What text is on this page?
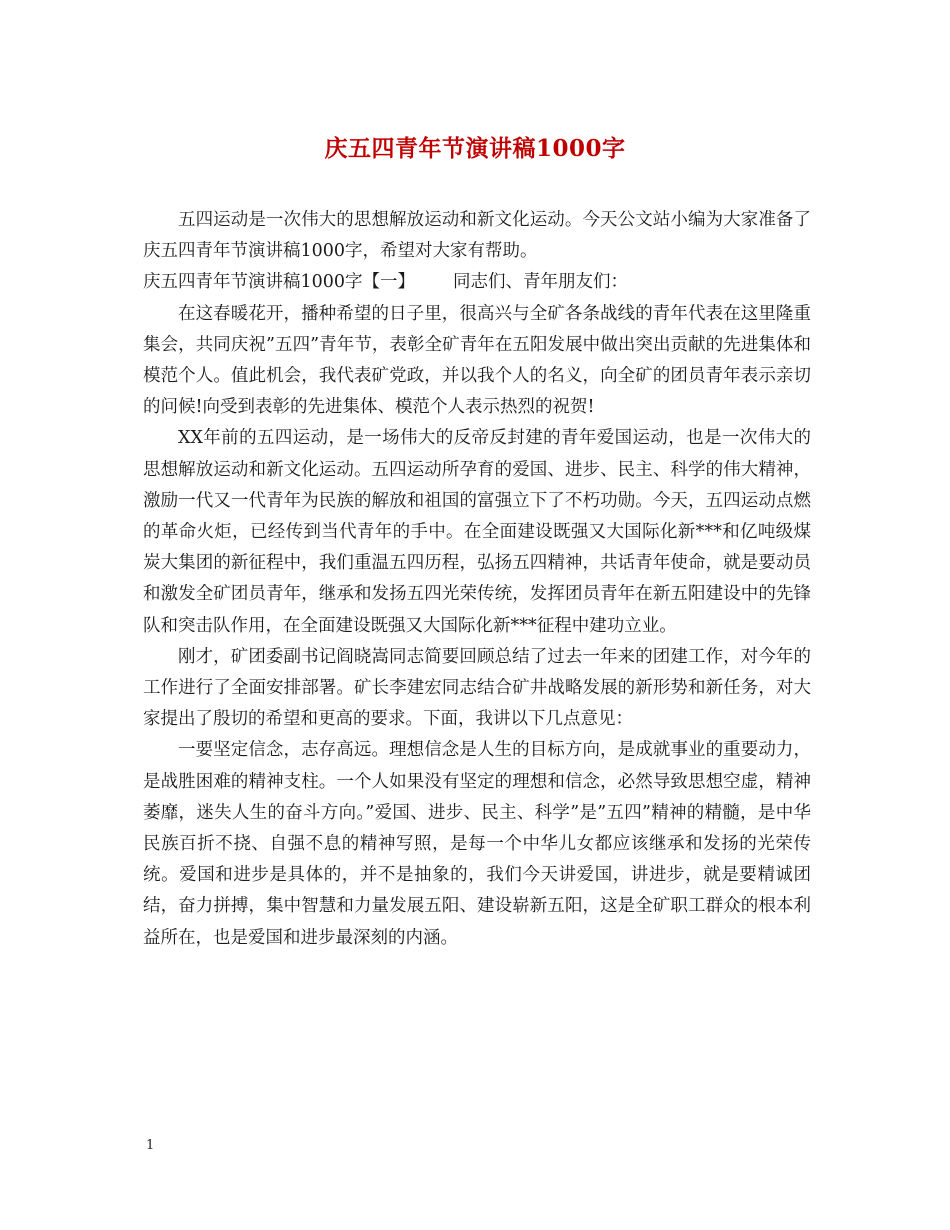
庆五四青年节演讲稿1000字

五四运动是一次伟大的思想解放运动和新文化运动。今天公文站小编为大家准备了庆五四青年节演讲稿1000字，希望对大家有帮助。

庆五四青年节演讲稿1000字【一】 同志们、青年朋友们：

在这春暖花开，播种希望的日子里，很高兴与全矿各条战线的青年代表在这里隆重集会，共同庆祝”五四”青年节，表彰全矿青年在五阳发展中做出突出贡献的先进集体和模范个人。值此机会，我代表矿党政，并以我个人的名义，向全矿的团员青年表示亲切的问候!向受到表彰的先进集体、模范个人表示热烈的祝贺!

XX年前的五四运动，是一场伟大的反帝反封建的青年爱国运动，也是一次伟大的思想解放运动和新文化运动。五四运动所孕育的爱国、进步、民主、科学的伟大精神，激励一代又一代青年为民族的解放和祖国的富强立下了不朽功勋。今天，五四运动点燃的革命火炬，已经传到当代青年的手中。在全面建设既强又大国际化新***和亿吨级煤炭大集团的新征程中，我们重温五四历程，弘扬五四精神，共话青年使命，就是要动员和激发全矿团员青年，继承和发扬五四光荣传统，发挥团员青年在新五阳建设中的先锋队和突击队作用，在全面建设既强又大国际化新***征程中建功立业。

刚才，矿团委副书记阎晓嵩同志简要回顾总结了过去一年来的团建工作，对今年的工作进行了全面安排部署。矿长李建宏同志结合矿井战略发展的新形势和新任务，对大家提出了殷切的希望和更高的要求。下面，我讲以下几点意见：

一要坚定信念，志存高远。理想信念是人生的目标方向，是成就事业的重要动力，是战胜困难的精神支柱。一个人如果没有坚定的理想和信念，必然导致思想空虚，精神萎靡，迷失人生的奋斗方向。”爱国、进步、民主、科学”是”五四”精神的精髓，是中华民族百折不挠、自强不息的精神写照，是每一个中华儿女都应该继承和发扬的光荣传统。爱国和进步是具体的，并不是抽象的，我们今天讲爱国，讲进步，就是要精诚团结，奋力拼搏，集中智慧和力量发展五阳、建设崭新五阳，这是全矿职工群众的根本利益所在，也是爱国和进步最深刻的内涵。

1
